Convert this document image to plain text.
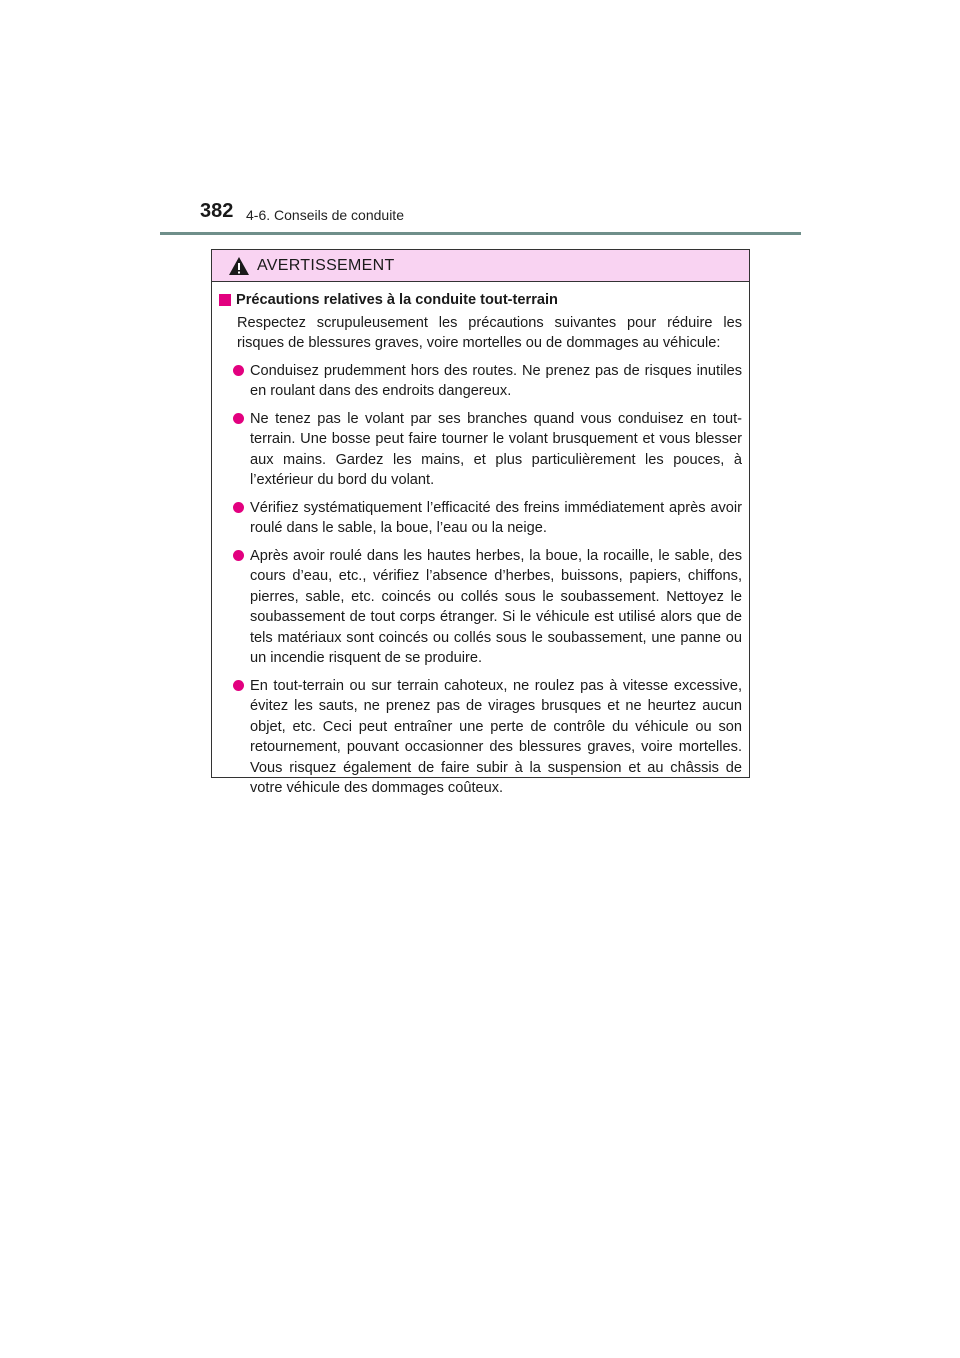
382 4-6. Conseils de conduite
AVERTISSEMENT
Précautions relatives à la conduite tout-terrain
Respectez scrupuleusement les précautions suivantes pour réduire les risques de blessures graves, voire mortelles ou de dommages au véhicule:
Conduisez prudemment hors des routes. Ne prenez pas de risques inutiles en roulant dans des endroits dangereux.
Ne tenez pas le volant par ses branches quand vous conduisez en tout-terrain. Une bosse peut faire tourner le volant brusquement et vous blesser aux mains. Gardez les mains, et plus particulièrement les pouces, à l’extérieur du bord du volant.
Vérifiez systématiquement l’efficacité des freins immédiatement après avoir roulé dans le sable, la boue, l’eau ou la neige.
Après avoir roulé dans les hautes herbes, la boue, la rocaille, le sable, des cours d’eau, etc., vérifiez l’absence d’herbes, buissons, papiers, chiffons, pierres, sable, etc. coincés ou collés sous le soubassement. Nettoyez le soubassement de tout corps étranger. Si le véhicule est utilisé alors que de tels matériaux sont coincés ou collés sous le soubassement, une panne ou un incendie risquent de se produire.
En tout-terrain ou sur terrain cahoteux, ne roulez pas à vitesse excessive, évitez les sauts, ne prenez pas de virages brusques et ne heurtez aucun objet, etc. Ceci peut entraîner une perte de contrôle du véhicule ou son retournement, pouvant occasionner des blessures graves, voire mortelles. Vous risquez également de faire subir à la suspension et au châssis de votre véhicule des dommages coûteux.
